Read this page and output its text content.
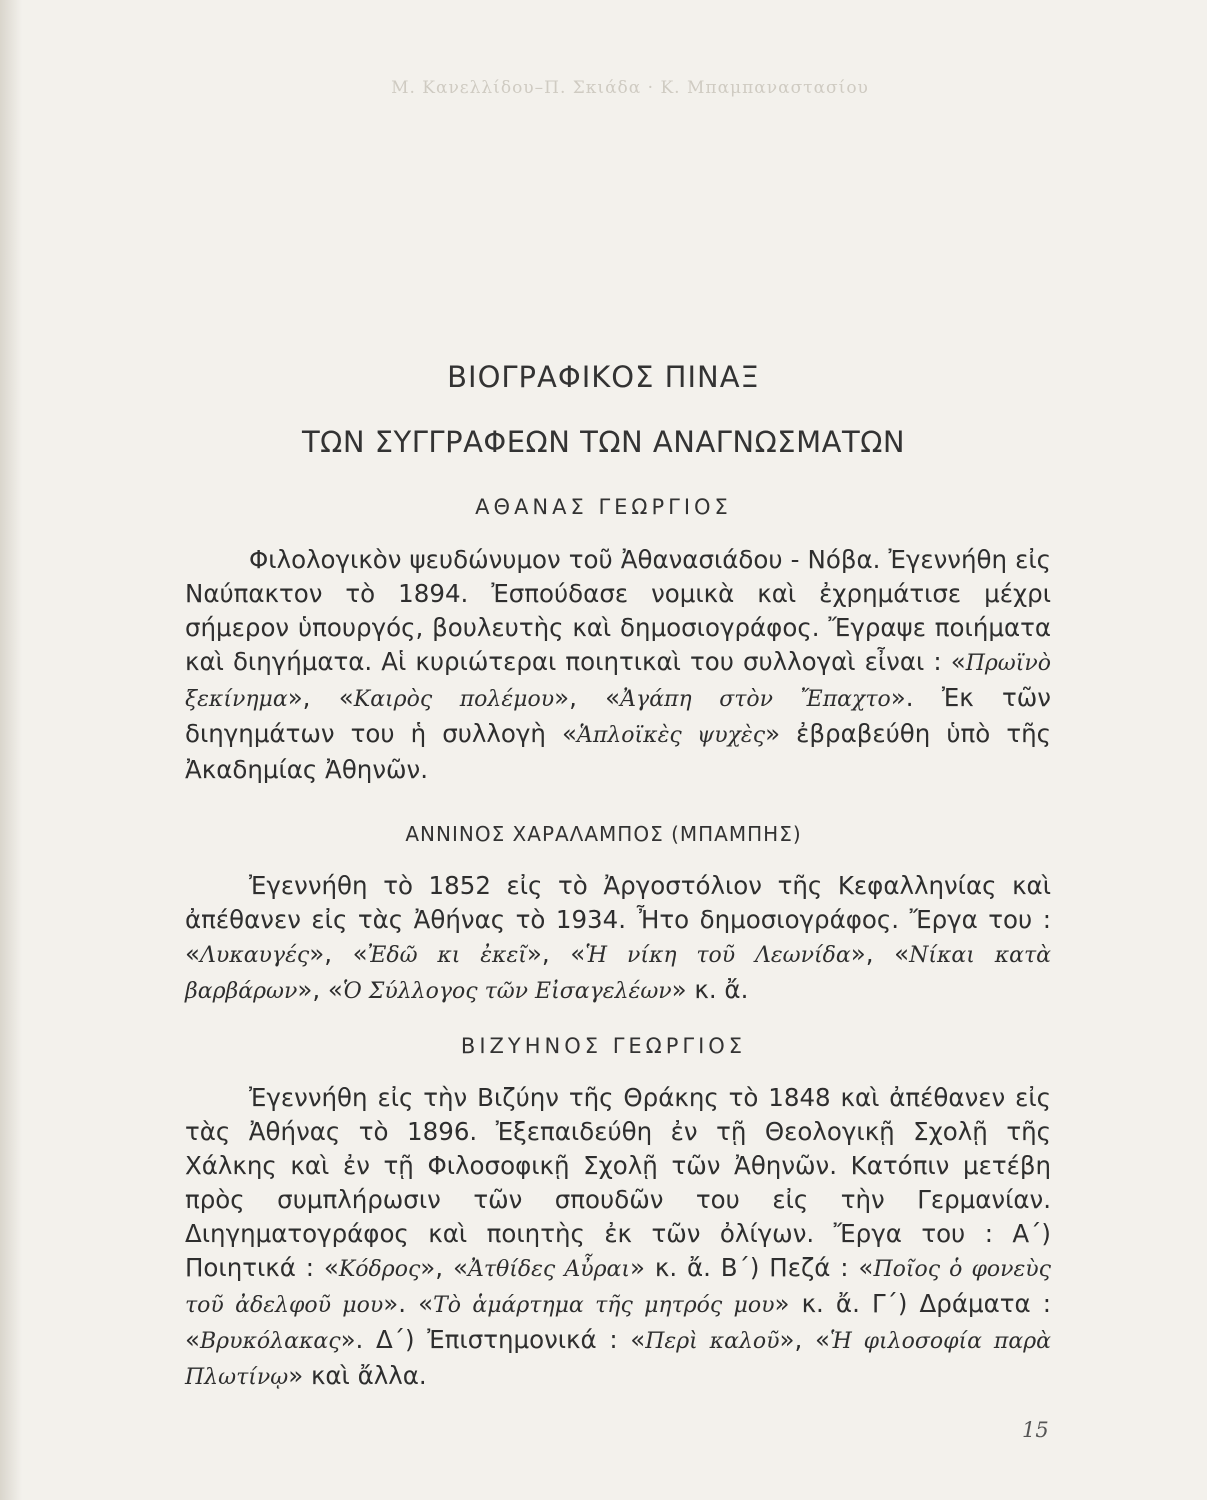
Μ. Κανελλίδου–Π. Σκιάδα · Κ. Μπαμπαναστασίου
ΒΙΟΓΡΑΦΙΚΟΣ ΠΙΝΑΞ
ΤΩΝ ΣΥΓΓΡΑΦΕΩΝ ΤΩΝ ΑΝΑΓΝΩΣΜΑΤΩΝ
ΑΘΑΝΑΣ ΓΕΩΡΓΙΟΣ

Φιλολογικὸν ψευδώνυμον τοῦ Ἀθανασιάδου - Νόβα. Ἐγεννήθη εἰς Ναύπακτον τὸ 1894. Ἐσπούδασε νομικὰ καὶ ἐχρημάτισε μέχρι σήμερον ὑπουργός, βουλευτὴς καὶ δημοσιογράφος. Ἔγραψε ποιήματα καὶ διηγήματα. Αἱ κυριώτεραι ποιητικαὶ του συλλογαὶ εἶναι : «Πρωϊνὸ ξεκίνημα», «Καιρὸς πολέμου», «Ἀγάπη στὸν Ἔπαχτο». Ἐκ τῶν διηγημάτων του ἡ συλλογὴ «Ἁπλοϊκὲς ψυχὲς» ἐβραβεύθη ὑπὸ τῆς Ἀκαδημίας Ἀθηνῶν.

ΑΝΝΙΝΟΣ ΧΑΡΑΛΑΜΠΟΣ (ΜΠΑΜΠΗΣ)

Ἐγεννήθη τὸ 1852 εἰς τὸ Ἀργοστόλιον τῆς Κεφαλληνίας καὶ ἀπέθανεν εἰς τὰς Ἀθήνας τὸ 1934. Ἦτο δημοσιογράφος. Ἔργα του : «Λυκαυγές», «Ἐδῶ κι ἐκεῖ», «Ἡ νίκη τοῦ Λεωνίδα», «Νίκαι κατὰ βαρβάρων», «Ὁ Σύλλογος τῶν Εἰσαγελέων» κ. ἄ.

ΒΙΖΥΗΝΟΣ ΓΕΩΡΓΙΟΣ

Ἐγεννήθη εἰς τὴν Βιζύην τῆς Θράκης τὸ 1848 καὶ ἀπέθανεν εἰς τὰς Ἀθήνας τὸ 1896. Ἐξεπαιδεύθη ἐν τῇ Θεολογικῇ Σχολῇ τῆς Χάλκης καὶ ἐν τῇ Φιλοσοφικῇ Σχολῇ τῶν Ἀθηνῶν. Κατόπιν μετέβη πρὸς συμπλήρωσιν τῶν σπουδῶν του εἰς τὴν Γερμανίαν. Διηγηματογράφος καὶ ποιητὴς ἐκ τῶν ὀλίγων. Ἔργα του : Α΄) Ποιητικά : «Κόδρος», «Ἀτθίδες Αὖραι» κ. ἄ. Β΄) Πεζά : «Ποῖος ὁ φονεὺς τοῦ ἀδελφοῦ μου». «Τὸ ἁμάρτημα τῆς μητρός μου» κ. ἄ. Γ΄) Δράματα : «Βρυκόλακας». Δ΄) Ἐπιστημονικά : «Περὶ καλοῦ», «Ἡ φιλοσοφία παρὰ Πλωτίνῳ» καὶ ἄλλα.

15
